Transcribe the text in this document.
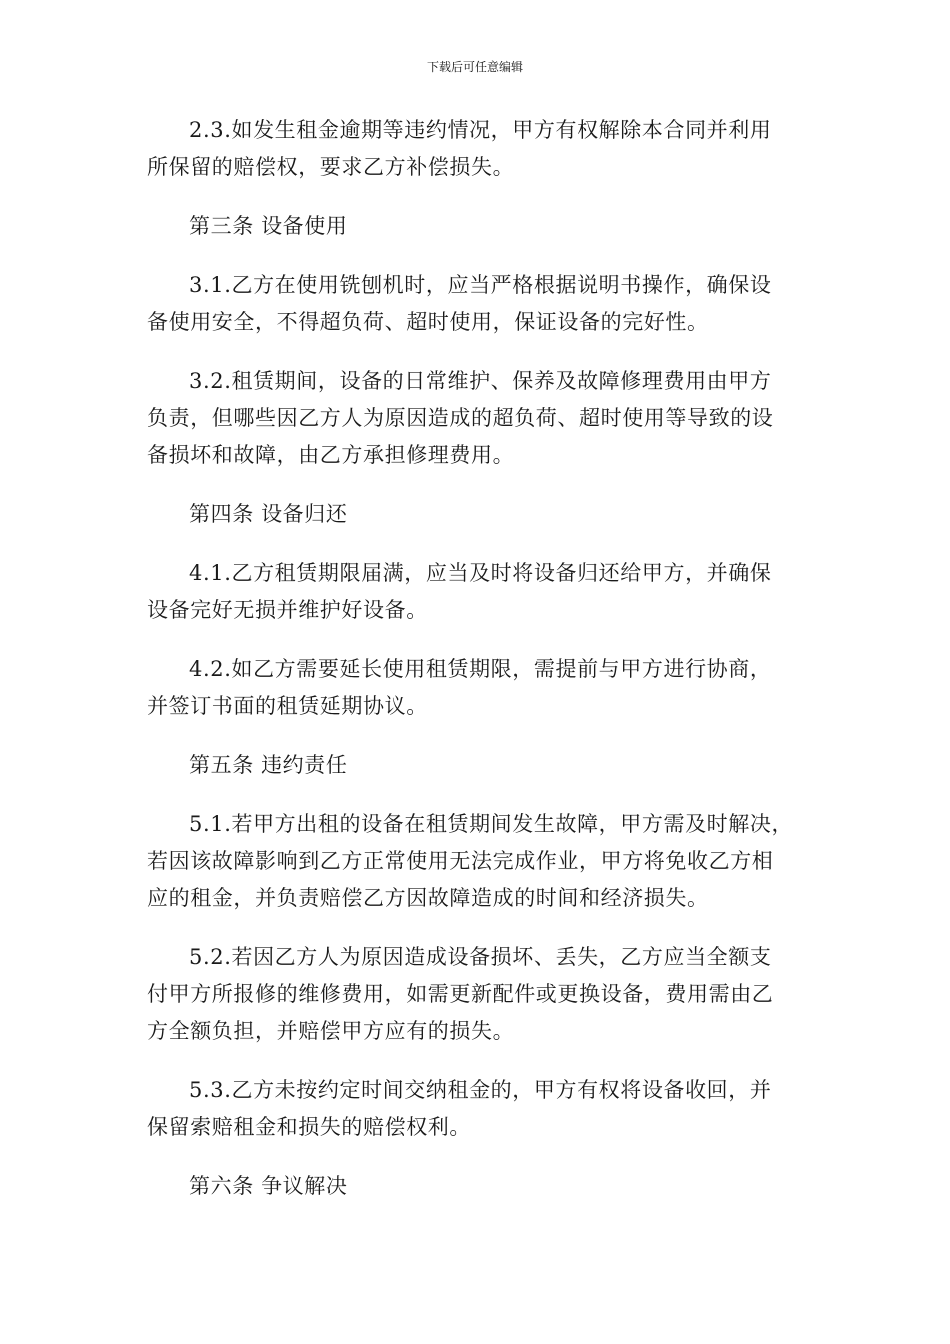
下载后可任意编辑
2.3.如发生租金逾期等违约情况，甲方有权解除本合同并利用
所保留的赔偿权，要求乙方补偿损失。
第三条 设备使用
3.1.乙方在使用铣刨机时，应当严格根据说明书操作，确保设
备使用安全，不得超负荷、超时使用，保证设备的完好性。
3.2.租赁期间，设备的日常维护、保养及故障修理费用由甲方
负责，但哪些因乙方人为原因造成的超负荷、超时使用等导致的设
备损坏和故障，由乙方承担修理费用。
第四条 设备归还
4.1.乙方租赁期限届满，应当及时将设备归还给甲方，并确保
设备完好无损并维护好设备。
4.2.如乙方需要延长使用租赁期限，需提前与甲方进行协商，
并签订书面的租赁延期协议。
第五条 违约责任
5.1.若甲方出租的设备在租赁期间发生故障，甲方需及时解决，
若因该故障影响到乙方正常使用无法完成作业，甲方将免收乙方相
应的租金，并负责赔偿乙方因故障造成的时间和经济损失。
5.2.若因乙方人为原因造成设备损坏、丢失，乙方应当全额支
付甲方所报修的维修费用，如需更新配件或更换设备，费用需由乙
方全额负担，并赔偿甲方应有的损失。
5.3.乙方未按约定时间交纳租金的，甲方有权将设备收回，并
保留索赔租金和损失的赔偿权利。
第六条 争议解决
